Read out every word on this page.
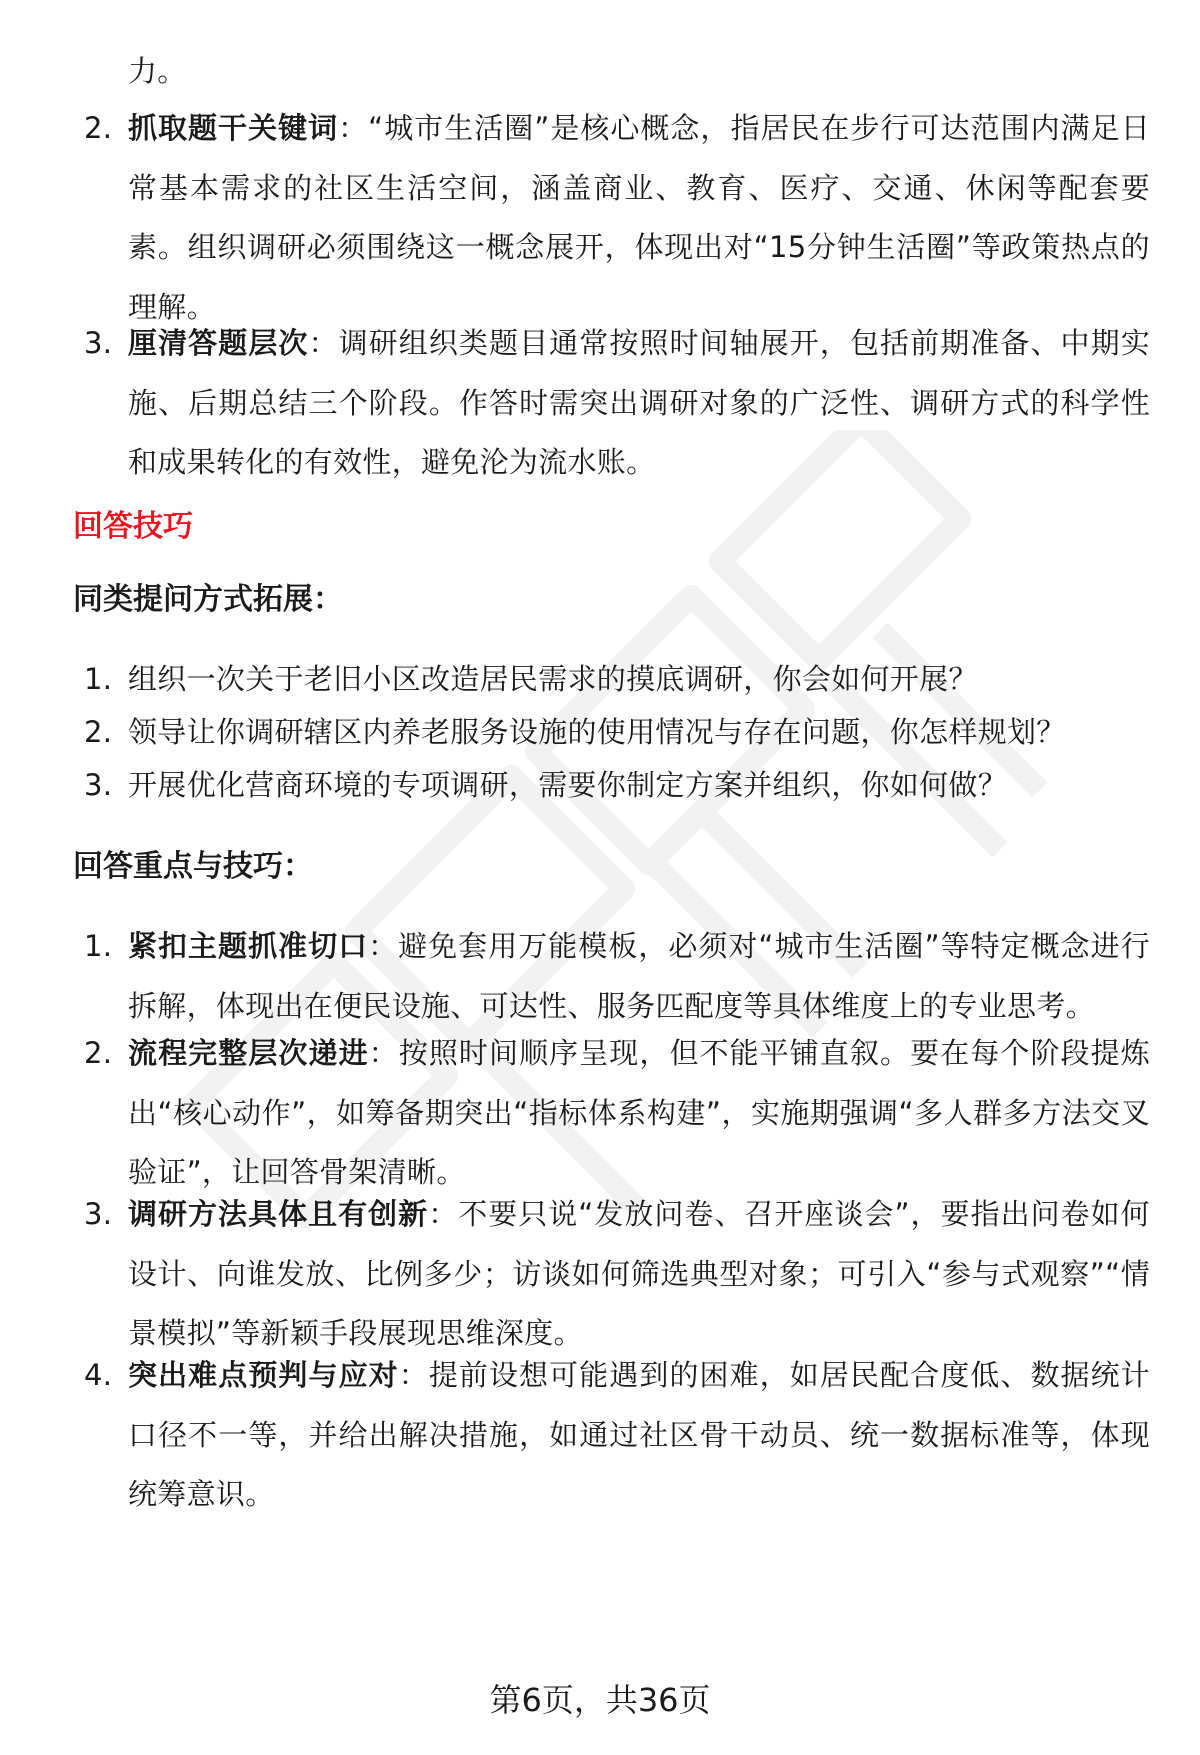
力。
2. 抓取题干关键词：“城市生活圈”是核心概念，指居民在步行可达范围内满足日常基本需求的社区生活空间，涵盖商业、教育、医疗、交通、休闲等配套要素。组织调研必须围绕这一概念展开，体现出对“15分钟生活圈”等政策热点的理解。
3. 厘清答题层次：调研组织类题目通常按照时间轴展开，包括前期准备、中期实施、后期总结三个阶段。作答时需突出调研对象的广泛性、调研方式的科学性和成果转化的有效性，避免沦为流水账。
回答技巧
同类提问方式拓展：
1. 组织一次关于老旧小区改造居民需求的摸底调研，你会如何开展？
2. 领导让你调研辖区内养老服务设施的使用情况与存在问题，你怎样规划？
3. 开展优化营商环境的专项调研，需要你制定方案并组织，你如何做？
回答重点与技巧：
1. 紧扣主题抓准切口：避免套用万能模板，必须对“城市生活圈”等特定概念进行拆解，体现出在便民设施、可达性、服务匹配度等具体维度上的专业思考。
2. 流程完整层次递进：按照时间顺序呈现，但不能平铺直叙。要在每个阶段提炼出“核心动作”，如筹备期突出“指标体系构建”，实施期强调“多人群多方法交叉验证”，让回答骨架清晰。
3. 调研方法具体且有创新：不要只说“发放问卷、召开座谈会”，要指出问卷如何设计、向谁发放、比例多少；访谈如何筛选典型对象；可引入“参与式观察”“情景模拟”等新颖手段展现思维深度。
4. 突出难点预判与应对：提前设想可能遇到的困难，如居民配合度低、数据统计口径不一等，并给出解决措施，如通过社区骨干动员、统一数据标准等，体现统筹意识。
第6页，共36页
